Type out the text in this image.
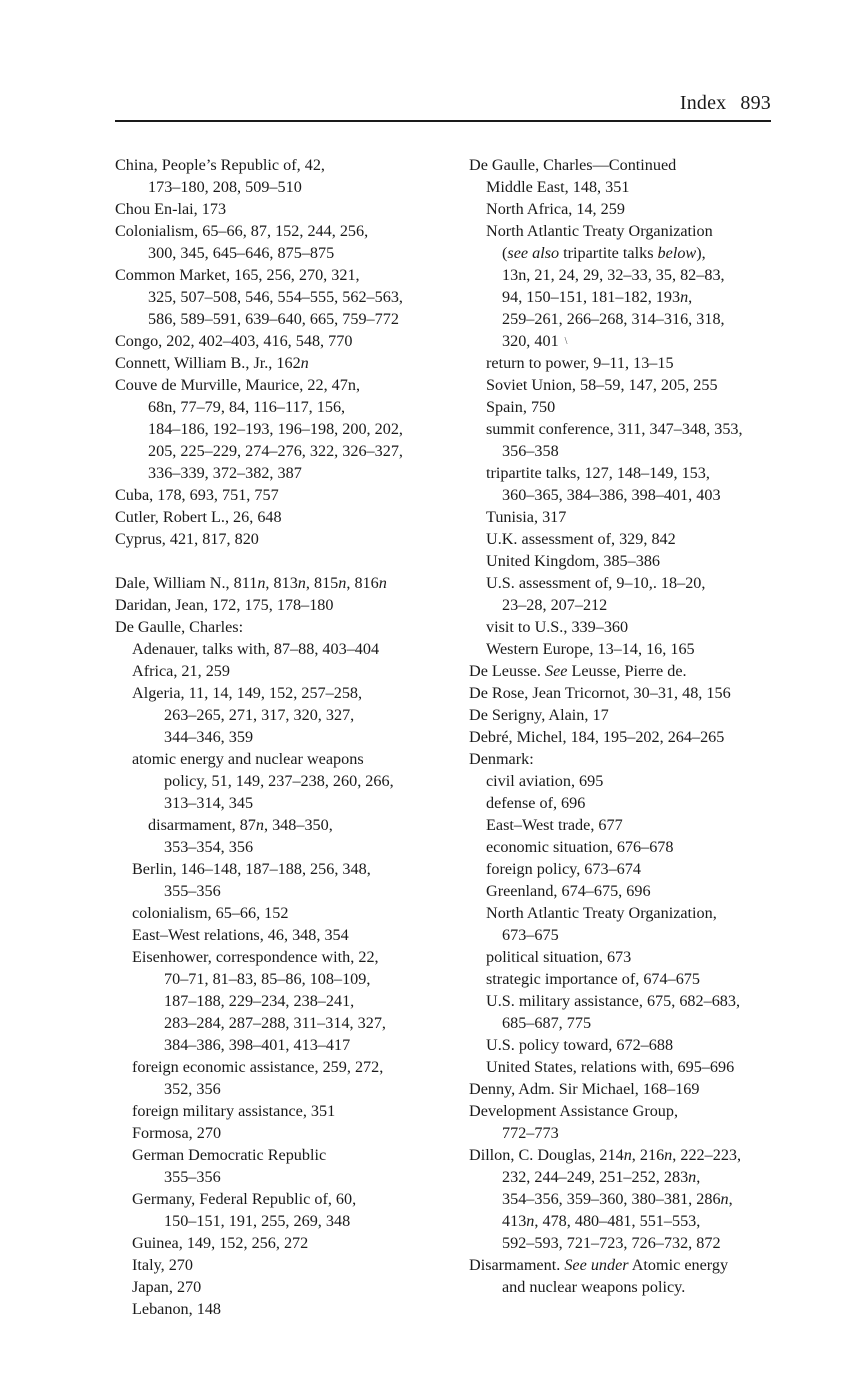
Index 893
China, People’s Republic of, 42,
173–180, 208, 509–510
Chou En-lai, 173
Colonialism, 65–66, 87, 152, 244, 256,
300, 345, 645–646, 875–875
Common Market, 165, 256, 270, 321,
325, 507–508, 546, 554–555, 562–563,
586, 589–591, 639–640, 665, 759–772
Congo, 202, 402–403, 416, 548, 770
Connett, William B., Jr., 162n
Couve de Murville, Maurice, 22, 47n,
68n, 77–79, 84, 116–117, 156,
184–186, 192–193, 196–198, 200, 202,
205, 225–229, 274–276, 322, 326–327,
336–339, 372–382, 387
Cuba, 178, 693, 751, 757
Cutler, Robert L., 26, 648
Cyprus, 421, 817, 820
Dale, William N., 811n, 813n, 815n, 816n
Daridan, Jean, 172, 175, 178–180
De Gaulle, Charles:
Adenauer, talks with, 87–88, 403–404
Africa, 21, 259
Algeria, 11, 14, 149, 152, 257–258,
263–265, 271, 317, 320, 327,
344–346, 359
atomic energy and nuclear weapons
policy, 51, 149, 237–238, 260, 266,
313–314, 345
disarmament, 87n, 348–350,
353–354, 356
Berlin, 146–148, 187–188, 256, 348,
355–356
colonialism, 65–66, 152
East–West relations, 46, 348, 354
Eisenhower, correspondence with, 22,
70–71, 81–83, 85–86, 108–109,
187–188, 229–234, 238–241,
283–284, 287–288, 311–314, 327,
384–386, 398–401, 413–417
foreign economic assistance, 259, 272,
352, 356
foreign military assistance, 351
Formosa, 270
German Democratic Republic
355–356
Germany, Federal Republic of, 60,
150–151, 191, 255, 269, 348
Guinea, 149, 152, 256, 272
Italy, 270
Japan, 270
Lebanon, 148
De Gaulle, Charles—Continued
Middle East, 148, 351
North Africa, 14, 259
North Atlantic Treaty Organization
(see also tripartite talks below),
13n, 21, 24, 29, 32–33, 35, 82–83,
94, 150–151, 181–182, 193n,
259–261, 266–268, 314–316, 318,
320, 401 \
return to power, 9–11, 13–15
Soviet Union, 58–59, 147, 205, 255
Spain, 750
summit conference, 311, 347–348, 353,
356–358
tripartite talks, 127, 148–149, 153,
360–365, 384–386, 398–401, 403
Tunisia, 317
U.K. assessment of, 329, 842
United Kingdom, 385–386
U.S. assessment of, 9–10,. 18–20,
23–28, 207–212
visit to U.S., 339–360
Western Europe, 13–14, 16, 165
De Leusse. See Leusse, Pierre de.
De Rose, Jean Tricornot, 30–31, 48, 156
De Serigny, Alain, 17
Debré, Michel, 184, 195–202, 264–265
Denmark:
civil aviation, 695
defense of, 696
East–West trade, 677
economic situation, 676–678
foreign policy, 673–674
Greenland, 674–675, 696
North Atlantic Treaty Organization,
673–675
political situation, 673
strategic importance of, 674–675
U.S. military assistance, 675, 682–683,
685–687, 775
U.S. policy toward, 672–688
United States, relations with, 695–696
Denny, Adm. Sir Michael, 168–169
Development Assistance Group,
772–773
Dillon, C. Douglas, 214n, 216n, 222–223,
232, 244–249, 251–252, 283n,
354–356, 359–360, 380–381, 286n,
413n, 478, 480–481, 551–553,
592–593, 721–723, 726–732, 872
Disarmament. See under Atomic energy
and nuclear weapons policy.
